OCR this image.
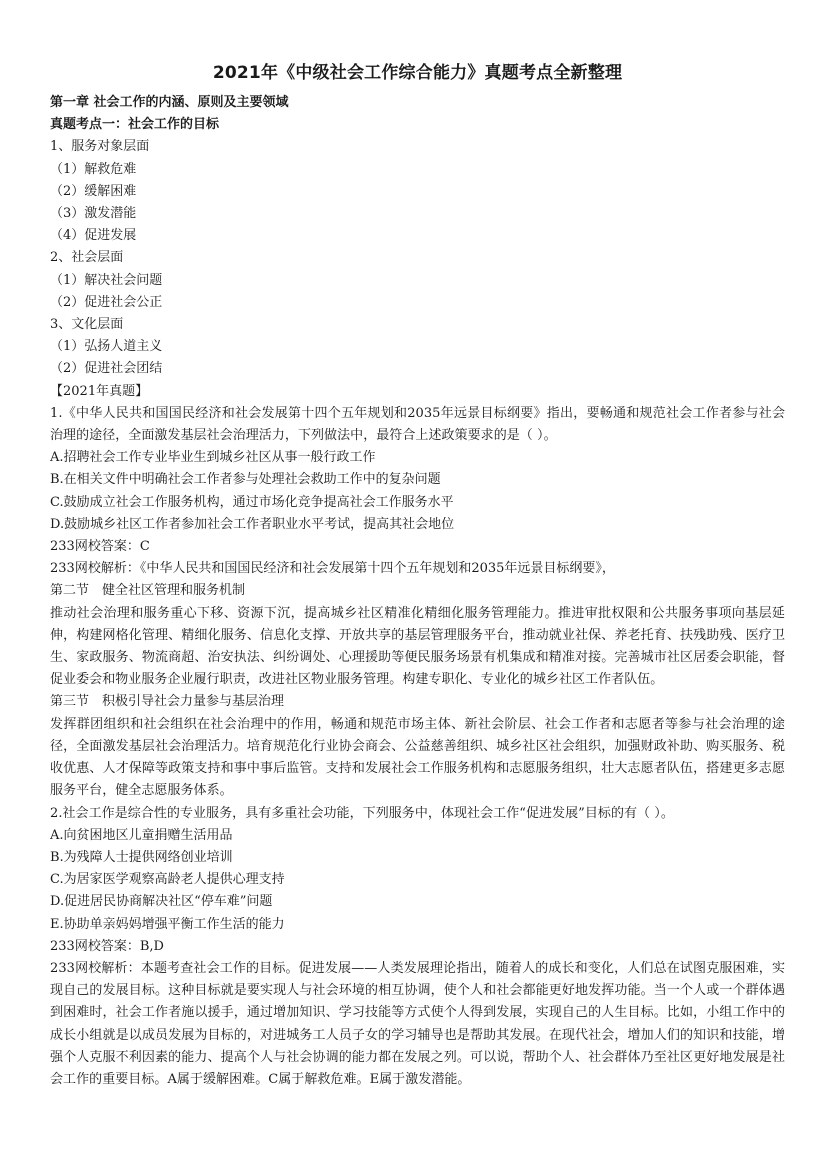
2021年《中级社会工作综合能力》真题考点全新整理

第一章 社会工作的内涵、原则及主要领域

真题考点一：社会工作的目标

1、服务对象层面

（1）解救危难

（2）缓解困难

（3）激发潜能

（4）促进发展

2、社会层面

（1）解决社会问题

（2）促进社会公正

3、文化层面

（1）弘扬人道主义

（2）促进社会团结

【2021年真题】

1.《中华人民共和国国民经济和社会发展第十四个五年规划和2035年远景目标纲要》指出，要畅通和规范社会工作者参与社会治理的途径，全面激发基层社会治理活力，下列做法中，最符合上述政策要求的是（ ）。

A.招聘社会工作专业毕业生到城乡社区从事一般行政工作

B.在相关文件中明确社会工作者参与处理社会救助工作中的复杂问题

C.鼓励成立社会工作服务机构，通过市场化竞争提高社会工作服务水平

D.鼓励城乡社区工作者参加社会工作者职业水平考试，提高其社会地位

233网校答案：C

233网校解析：《中华人民共和国国民经济和社会发展第十四个五年规划和2035年远景目标纲要》，

第二节　健全社区管理和服务机制

推动社会治理和服务重心下移、资源下沉，提高城乡社区精准化精细化服务管理能力。推进审批权限和公共服务事项向基层延伸，构建网格化管理、精细化服务、信息化支撑、开放共享的基层管理服务平台，推动就业社保、养老托育、扶残助残、医疗卫生、家政服务、物流商超、治安执法、纠纷调处、心理援助等便民服务场景有机集成和精准对接。完善城市社区居委会职能，督促业委会和物业服务企业履行职责，改进社区物业服务管理。构建专职化、专业化的城乡社区工作者队伍。

第三节　积极引导社会力量参与基层治理

发挥群团组织和社会组织在社会治理中的作用，畅通和规范市场主体、新社会阶层、社会工作者和志愿者等参与社会治理的途径，全面激发基层社会治理活力。培育规范化行业协会商会、公益慈善组织、城乡社区社会组织，加强财政补助、购买服务、税收优惠、人才保障等政策支持和事中事后监管。支持和发展社会工作服务机构和志愿服务组织，壮大志愿者队伍，搭建更多志愿服务平台，健全志愿服务体系。

2.社会工作是综合性的专业服务，具有多重社会功能，下列服务中，体现社会工作“促进发展”目标的有（ ）。

A.向贫困地区儿童捐赠生活用品

B.为残障人士提供网络创业培训

C.为居家医学观察高龄老人提供心理支持

D.促进居民协商解决社区“停车难”问题

E.协助单亲妈妈增强平衡工作生活的能力

233网校答案：B,D

233网校解析：本题考查社会工作的目标。促进发展——人类发展理论指出，随着人的成长和变化，人们总在试图克服困难，实现自己的发展目标。这种目标就是要实现人与社会环境的相互协调，使个人和社会都能更好地发挥功能。当一个人或一个群体遇到困难时，社会工作者施以援手，通过增加知识、学习技能等方式使个人得到发展，实现自己的人生目标。比如，小组工作中的成长小组就是以成员发展为目标的，对进城务工人员子女的学习辅导也是帮助其发展。在现代社会，增加人们的知识和技能，增强个人克服不利因素的能力、提高个人与社会协调的能力都在发展之列。可以说，帮助个人、社会群体乃至社区更好地发展是社会工作的重要目标。A属于缓解困难。C属于解救危难。E属于激发潜能。
